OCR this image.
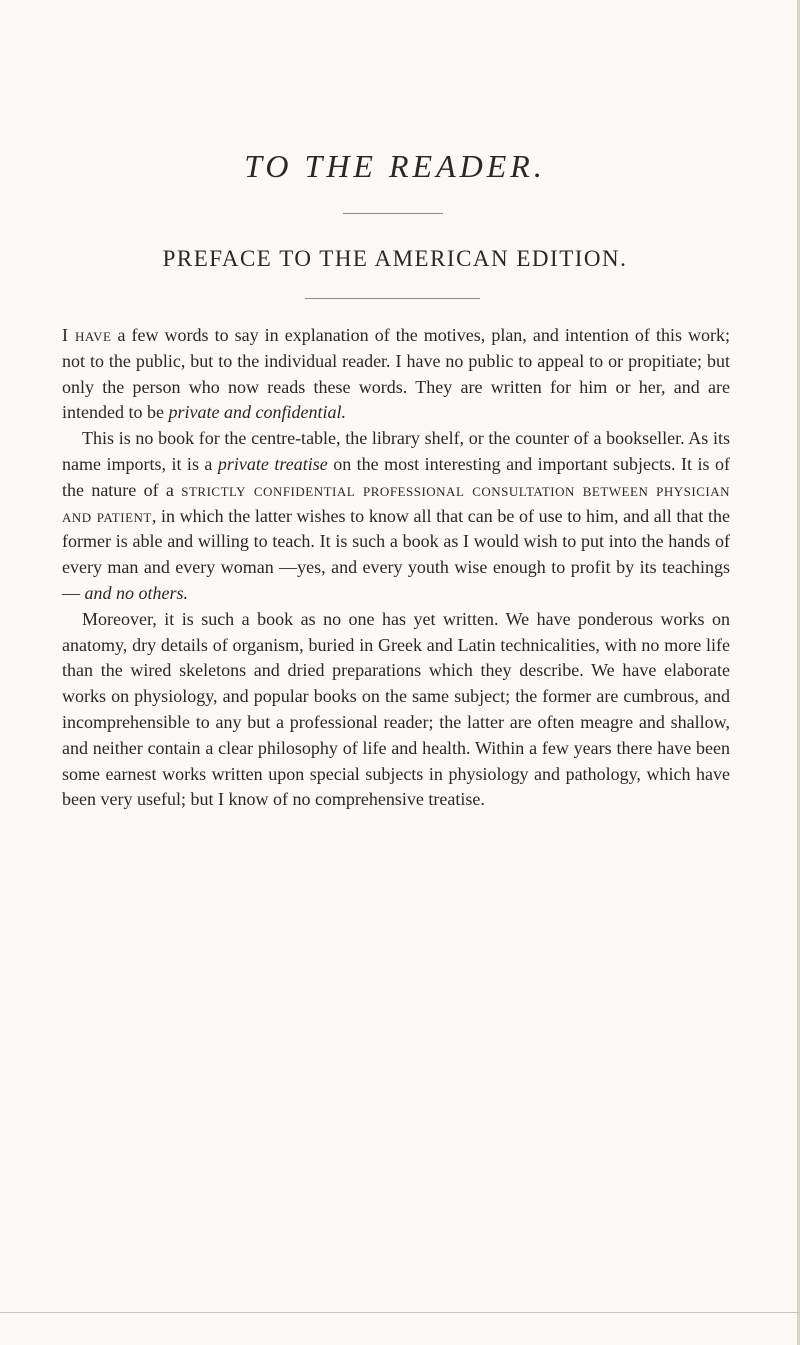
TO THE READER.
PREFACE TO THE AMERICAN EDITION.

I have a few words to say in explanation of the motives, plan, and intention of this work; not to the public, but to the individual reader. I have no public to appeal to or propitiate; but only the person who now reads these words. They are written for him or her, and are intended to be private and confidential.

This is no book for the centre-table, the library shelf, or the counter of a bookseller. As its name imports, it is a private treatise on the most interesting and important subjects. It is of the nature of a strictly confidential professional consultation between physician and patient, in which the latter wishes to know all that can be of use to him, and all that the former is able and willing to teach. It is such a book as I would wish to put into the hands of every man and every woman —yes, and every youth wise enough to profit by its teachings— and no others.

Moreover, it is such a book as no one has yet written. We have ponderous works on anatomy, dry details of organism, buried in Greek and Latin technicalities, with no more life than the wired skeletons and dried preparations which they describe. We have elaborate works on physiology, and popular books on the same subject; the former are cumbrous, and incomprehensible to any but a professional reader; the latter are often meagre and shallow, and neither contain a clear philosophy of life and health. Within a few years there have been some earnest works written upon special subjects in physiology and pathology, which have been very useful; but I know of no comprehensive treatise.
